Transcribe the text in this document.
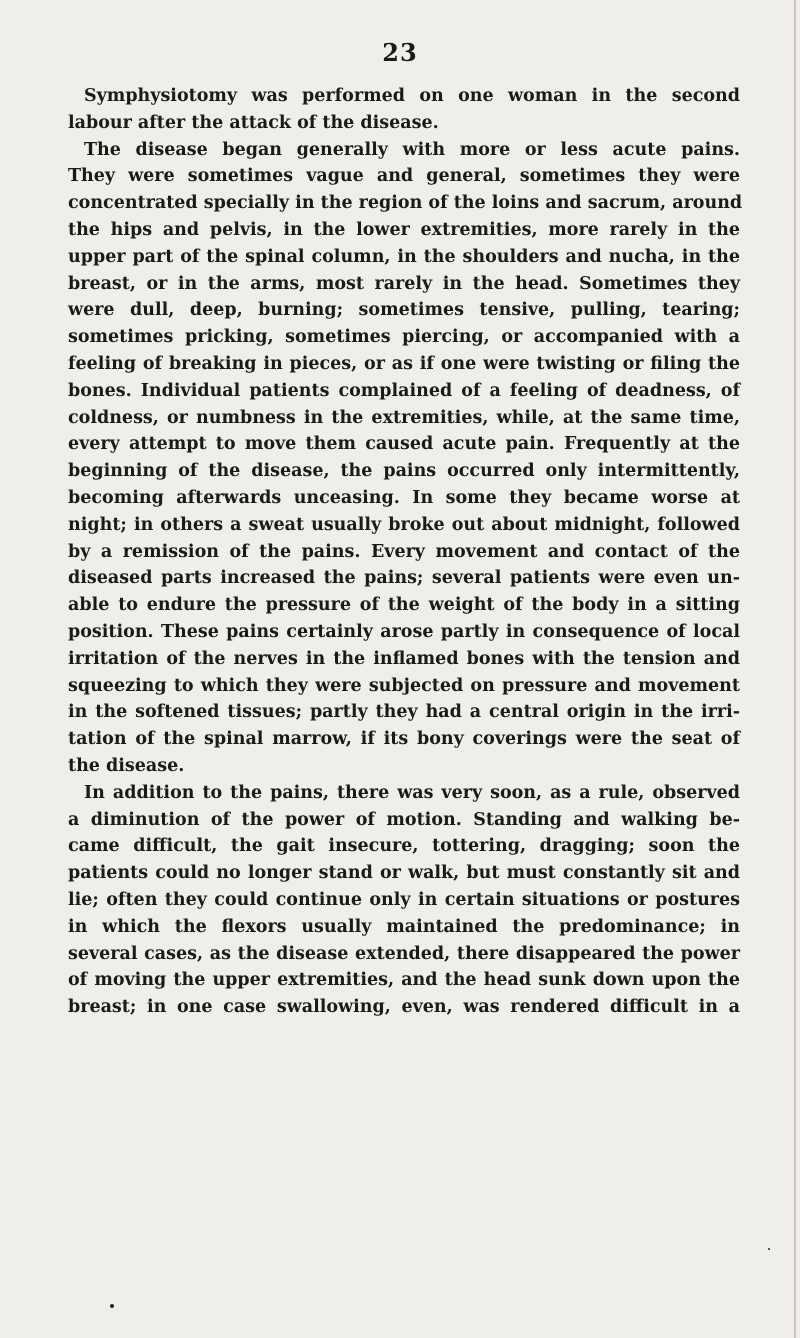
23
Symphysiotomy was performed on one woman in the second
labour after the attack of the disease.
The disease began generally with more or less acute pains.
They were sometimes vague and general, sometimes they were
concentrated specially in the region of the loins and sacrum, around
the hips and pelvis, in the lower extremities, more rarely in the
upper part of the spinal column, in the shoulders and nucha, in the
breast, or in the arms, most rarely in the head. Sometimes they
were dull, deep, burning; sometimes tensive, pulling, tearing;
sometimes pricking, sometimes piercing, or accompanied with a
feeling of breaking in pieces, or as if one were twisting or filing the
bones. Individual patients complained of a feeling of deadness, of
coldness, or numbness in the extremities, while, at the same time,
every attempt to move them caused acute pain. Frequently at the
beginning of the disease, the pains occurred only intermittently,
becoming afterwards unceasing. In some they became worse at
night; in others a sweat usually broke out about midnight, followed
by a remission of the pains. Every movement and contact of the
diseased parts increased the pains; several patients were even un-
able to endure the pressure of the weight of the body in a sitting
position. These pains certainly arose partly in consequence of local
irritation of the nerves in the inflamed bones with the tension and
squeezing to which they were subjected on pressure and movement
in the softened tissues; partly they had a central origin in the irri-
tation of the spinal marrow, if its bony coverings were the seat of
the disease.
In addition to the pains, there was very soon, as a rule, observed
a diminution of the power of motion. Standing and walking be-
came difficult, the gait insecure, tottering, dragging; soon the
patients could no longer stand or walk, but must constantly sit and
lie; often they could continue only in certain situations or postures
in which the flexors usually maintained the predominance; in
several cases, as the disease extended, there disappeared the power
of moving the upper extremities, and the head sunk down upon the
breast; in one case swallowing, even, was rendered difficult in a
